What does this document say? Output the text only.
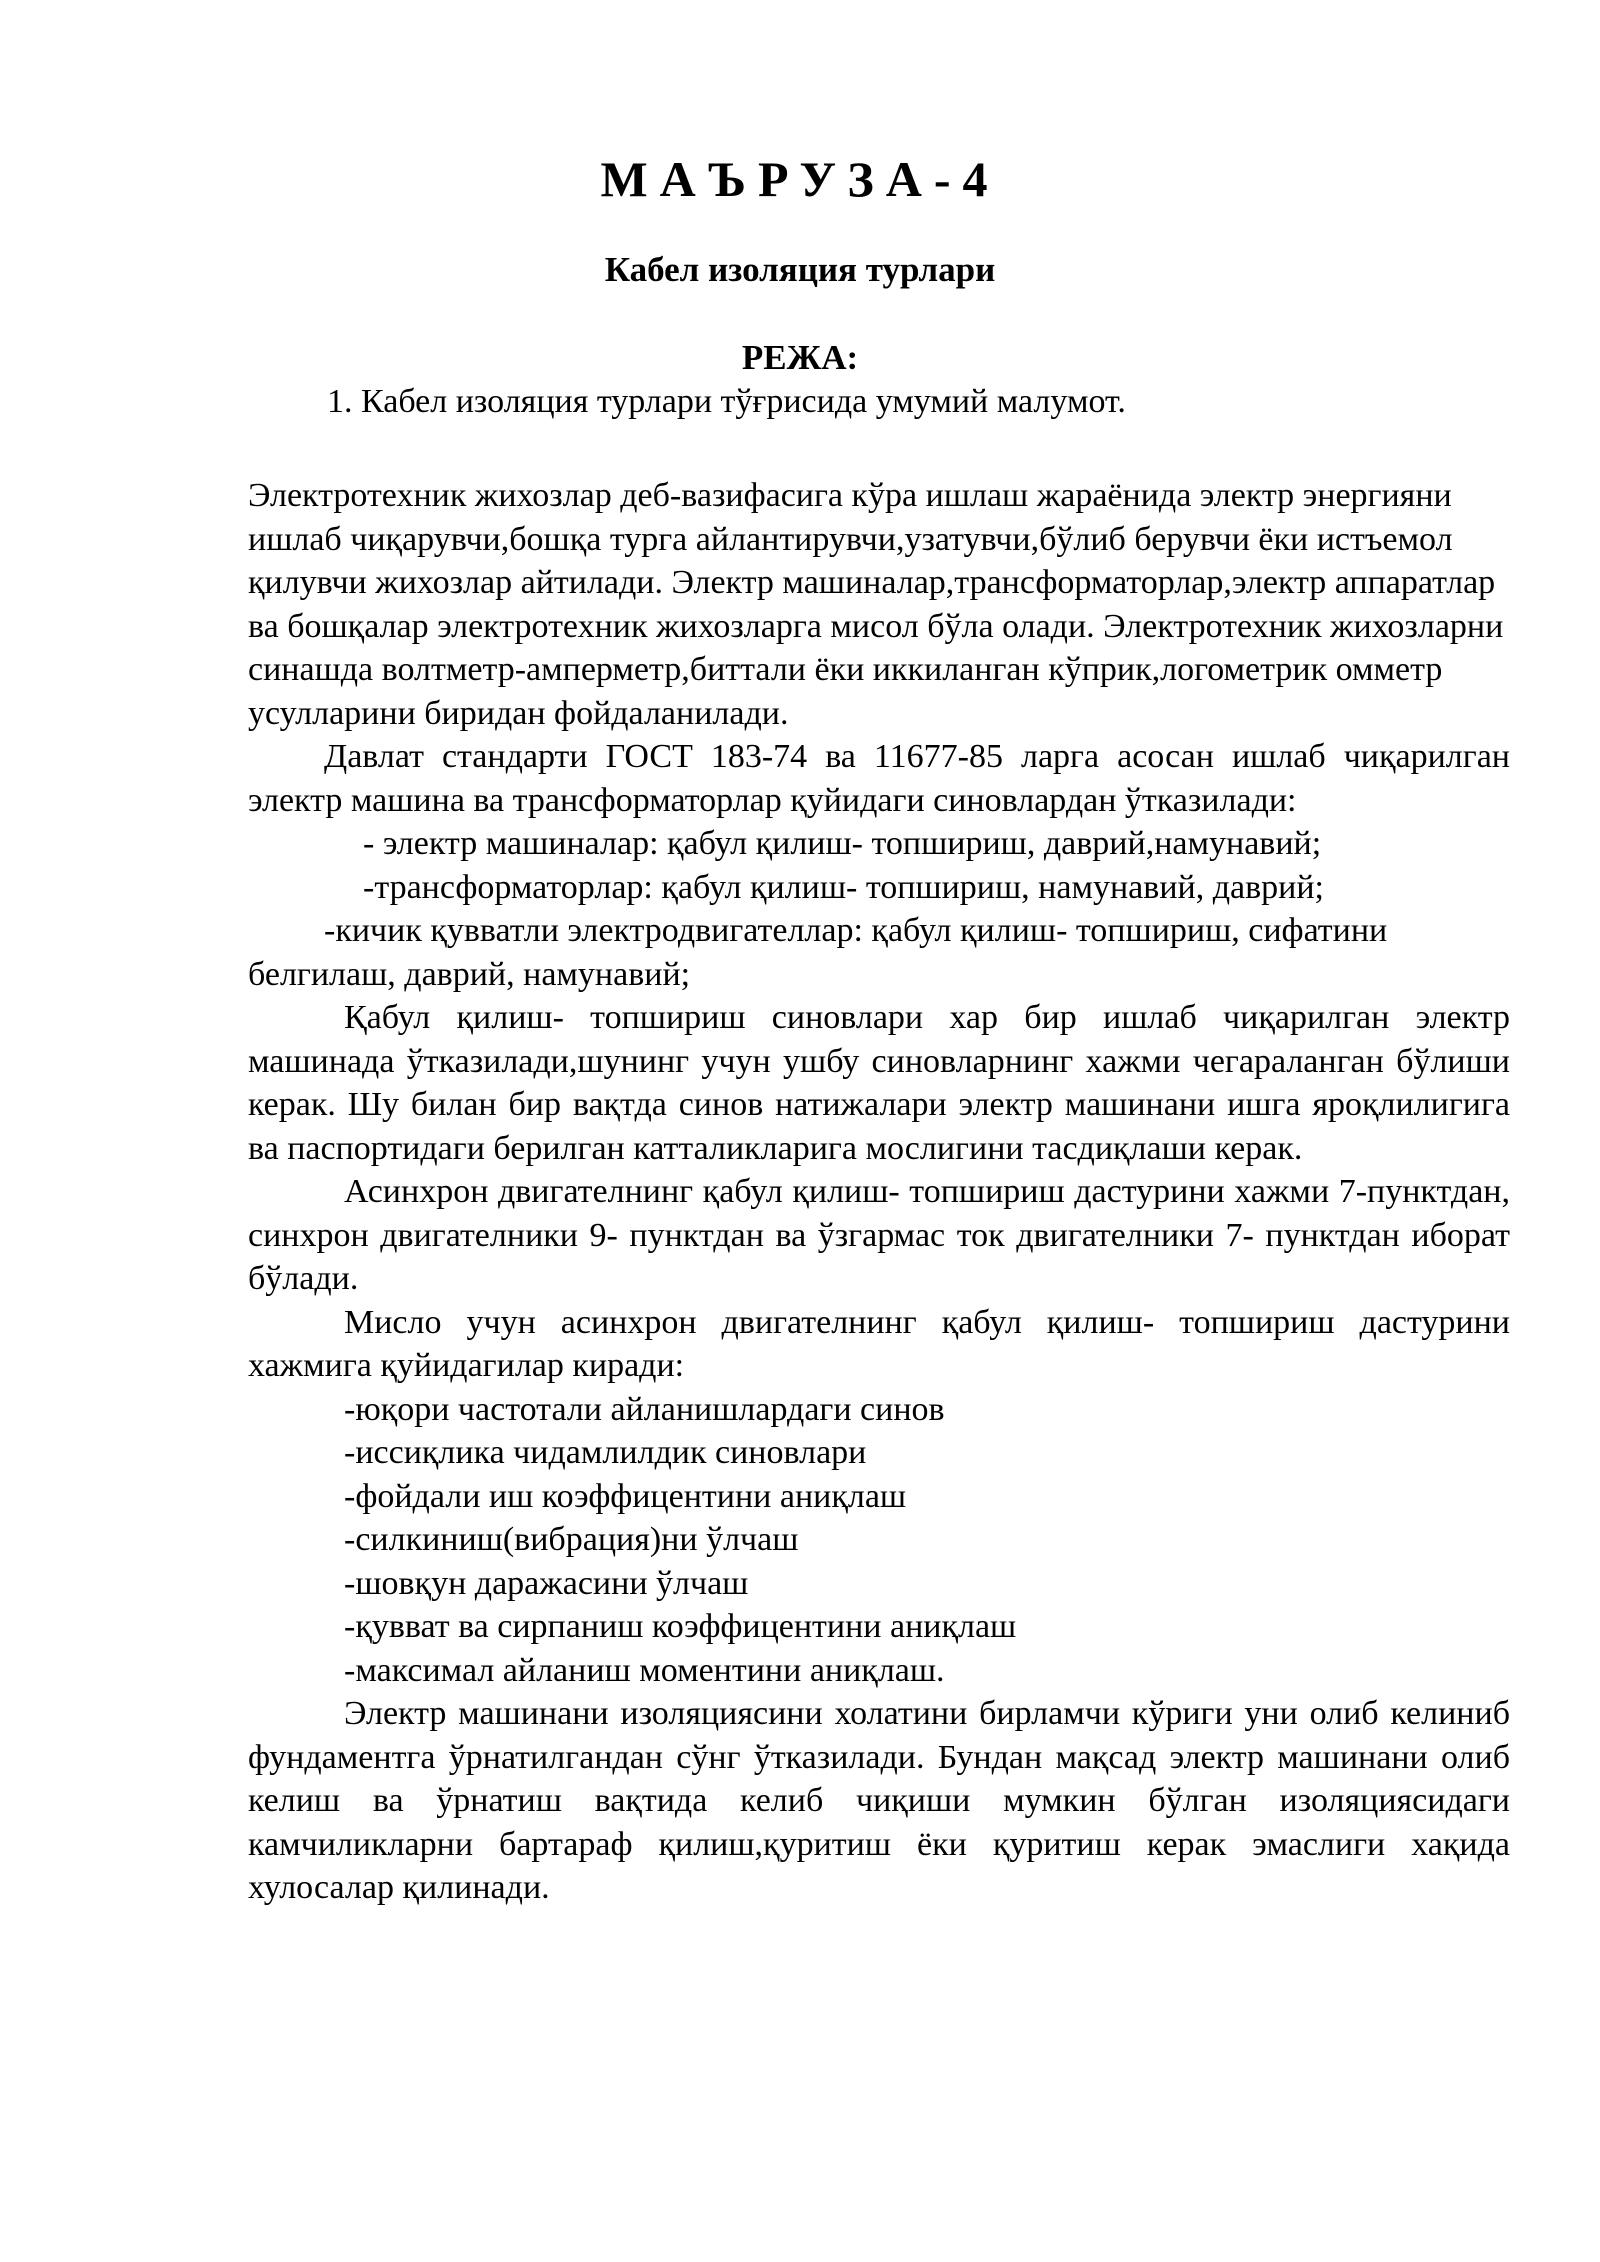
МАЪРУЗА-4
Кабел изоляция турлари
РЕЖА:

1. Кабел изоляция турлари тўғрисида умумий малумот.

Электротехник жихозлар деб-вазифасига кўра ишлаш жараёнида электр энергияни ишлаб чиқарувчи,бошқа турга айлантирувчи,узатувчи,бўлиб берувчи ёки истъемол қилувчи жихозлар айтилади. Электр машиналар,трансформаторлар,электр аппаратлар ва бошқалар электротехник жихозларга мисол бўла олади. Электротехник жихозларни синашда волтметр-амперметр,биттали ёки иккиланган кўприк,логометрик омметр усулларини биридан фойдаланилади.

Давлат стандарти ГОСТ 183-74 ва 11677-85 ларга асосан ишлаб чиқарилган электр машина ва трансформаторлар қуйидаги синовлардан ўтказилади:

- электр машиналар: қабул қилиш- топшириш, даврий,намунавий;

-трансформаторлар: қабул қилиш- топшириш, намунавий, даврий;

-кичик қувватли электродвигателлар: қабул қилиш- топшириш, сифатини белгилаш, даврий, намунавий;

Қабул қилиш- топшириш синовлари хар бир ишлаб чиқарилган электр машинада ўтказилади,шунинг учун ушбу синовларнинг хажми чегараланган бўлиши керак. Шу билан бир вақтда синов натижалари электр машинани ишга яроқлилигига ва паспортидаги берилган катталикларига мослигини тасдиқлаши керак.

Асинхрон двигателнинг қабул қилиш- топшириш дастурини хажми 7-пунктдан, синхрон двигателники 9- пунктдан ва ўзгармас ток двигателники 7- пунктдан иборат бўлади.

Мисло учун асинхрон двигателнинг қабул қилиш- топшириш дастурини хажмига қуйидагилар киради:

-юқори частотали айланишлардаги синов

-иссиқлика чидамлилдик синовлари

-фойдали иш коэффицентини аниқлаш

-силкиниш(вибрация)ни ўлчаш

-шовқун даражасини ўлчаш

-қувват ва сирпаниш коэффицентини аниқлаш

-максимал айланиш моментини аниқлаш.

Электр машинани изоляциясини холатини бирламчи кўриги уни олиб келиниб фундаментга ўрнатилгандан сўнг ўтказилади. Бундан мақсад электр машинани олиб келиш ва ўрнатиш вақтида келиб чиқиши мумкин бўлган изоляциясидаги камчиликларни бартараф қилиш,қуритиш ёки қуритиш керак эмаслиги хақида хулосалар қилинади.
